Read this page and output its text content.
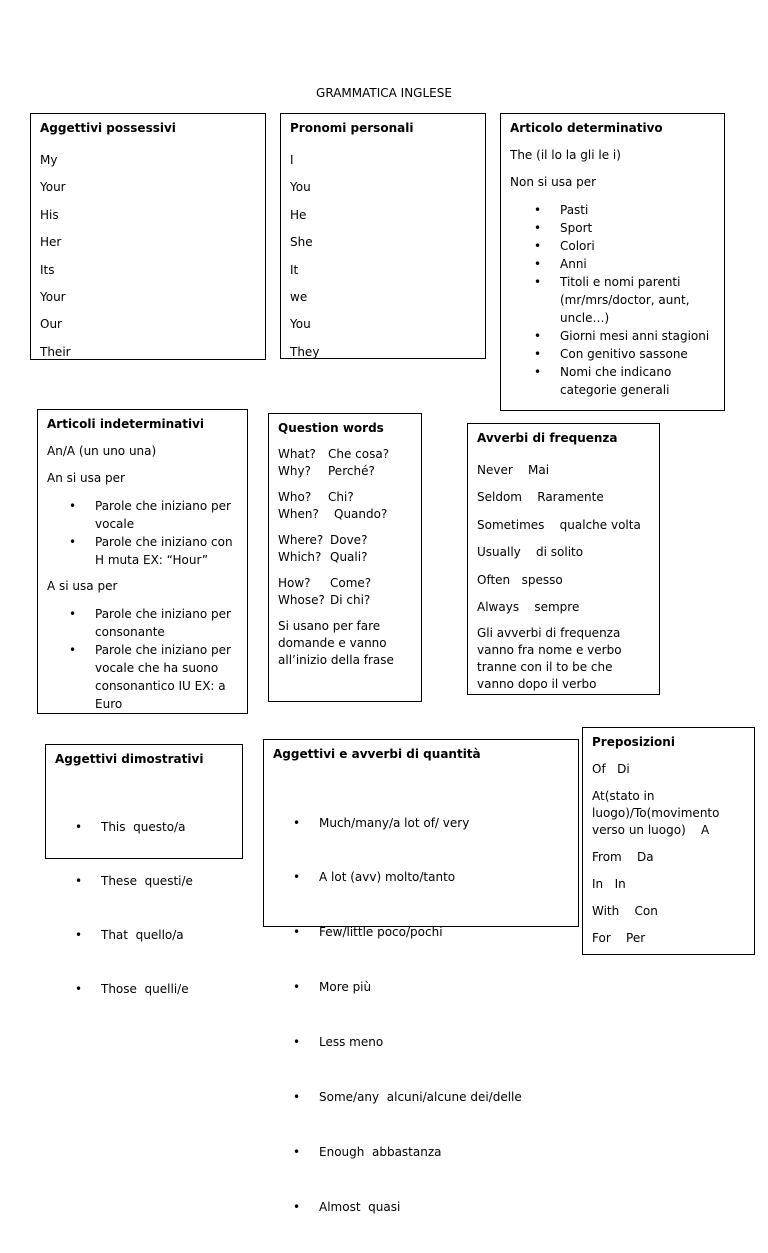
GRAMMATICA INGLESE
Aggettivi possessivi
My
Your
His
Her
Its
Your
Our
Their
Pronomi personali
I
You
He
She
It
we
You
They
Articolo determinativo
The (il lo la gli le i)
Non si usa per
• Pasti
• Sport
• Colori
• Anni
• Titoli e nomi parenti (mr/mrs/doctor, aunt, uncle…)
• Giorni mesi anni stagioni
• Con genitivo sassone
• Nomi che indicano categorie generali
Articoli indeterminativi
An/A (un uno una)
An si usa per
• Parole che iniziano per vocale
• Parole che iniziano con H muta EX: “Hour”
A si usa per
• Parole che iniziano per consonante
• Parole che iniziano per vocale che ha suono consonantico IU EX: a Euro
Question words
What? Che cosa?
Why? Perché?
Who? Chi?
When? Quando?
Where? Dove?
Which? Quali?
How? Come?
Whose? Di chi?
Si usano per fare domande e vanno all’inizio della frase
Avverbi di frequenza
Never Mai
Seldom Raramente
Sometimes qualche volta
Usually di solito
Often spesso
Always sempre
Gli avverbi di frequenza vanno fra nome e verbo tranne con il to be che vanno dopo il verbo
Aggettivi dimostrativi

• This  questo/a

• These  questi/e

• That  quello/a

• Those  quelli/e

Aggettivi e avverbi di quantità

• Much/many/a lot of/ very

• A lot (avv) molto/tanto

• Few/little poco/pochi

• More più

• Less meno

• Some/any  alcuni/alcune dei/delle

• Enough  abbastanza

• Almost  quasi

Preposizioni
Of   Di
At(stato in luogo)/To(movimento verso un luogo)    A
From    Da
In   In
With    Con
For    Per
